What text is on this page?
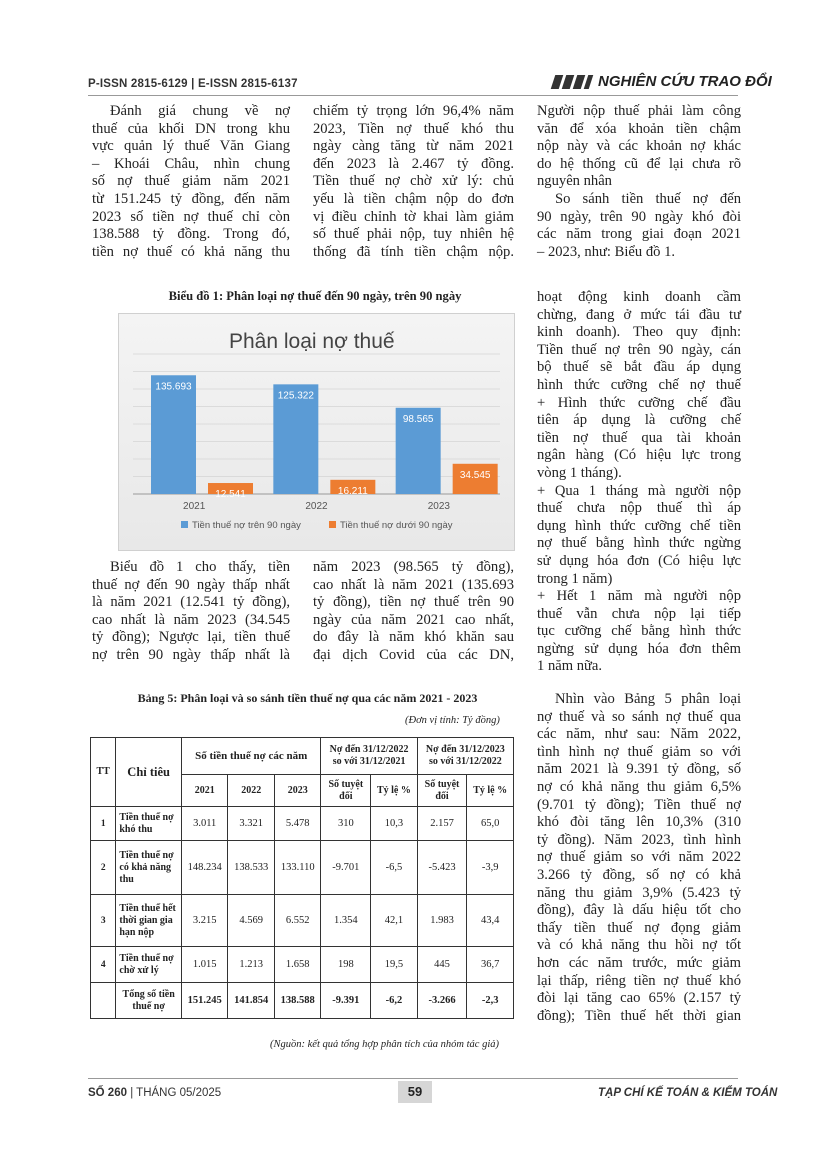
P-ISSN 2815-6129 | E-ISSN 2815-6137	NGHIÊN CỨU TRAO ĐỔI
Đánh giá chung về nợ
thuế của khối DN trong khu
vực quản lý thuế Văn Giang
– Khoái Châu, nhìn chung
số nợ thuế giảm năm 2021
từ 151.245 tỷ đồng, đến năm
2023 số tiền nợ thuế chỉ còn
138.588 tỷ đồng. Trong đó,
tiền nợ thuế có khả năng thu
chiếm tỷ trọng lớn 96,4% năm
2023, Tiền nợ thuế khó thu
ngày càng tăng từ năm 2021
đến 2023 là 2.467 tỷ đồng.
Tiền thuế nợ chờ xử lý: chủ
yếu là tiền chậm nộp do đơn
vị điều chỉnh tờ khai làm giảm
số thuế phải nộp, tuy nhiên hệ
thống đã tính tiền chậm nộp.
Người nộp thuế phải làm công
văn để xóa khoản tiền chậm
nộp này và các khoản nợ khác
do hệ thống cũ để lại chưa rõ
nguyên nhân
So sánh tiền thuế nợ đến
90 ngày, trên 90 ngày khó đòi
các năm trong giai đoạn 2021
– 2023, như: Biểu đồ 1.
Biểu đồ 1: Phân loại nợ thuế đến 90 ngày, trên 90 ngày
Phân loại nợ thuế
135.693
12.541
2021
125.322
16.211
2022
98.565
34.545
2023
Tiền thuế nợ trên 90 ngày	Tiền thuế nợ dưới 90 ngày
hoạt động kinh doanh cầm
chừng, đang ở mức tái đầu tư
kinh doanh). Theo quy định:
Tiền thuế nợ trên 90 ngày, cán
bộ thuế sẽ bắt đầu áp dụng
hình thức cưỡng chế nợ thuế
+ Hình thức cưỡng chế đầu
tiên áp dụng là cưỡng chế
tiền nợ thuế qua tài khoản
ngân hàng (Có hiệu lực trong
vòng 1 tháng).
+ Qua 1 tháng mà người nộp
thuế chưa nộp thuế thì áp
dụng hình thức cưỡng chế tiền
nợ thuế bằng hình thức ngừng
sử dụng hóa đơn (Có hiệu lực
trong 1 năm)
+ Hết 1 năm mà người nộp
thuế vẫn chưa nộp lại tiếp
tục cưỡng chế bằng hình thức
ngừng sử dụng hóa đơn thêm
1 năm nữa.
Biểu đồ 1 cho thấy, tiền
thuế nợ đến 90 ngày thấp nhất
là năm 2021 (12.541 tỷ đồng),
cao nhất là năm 2023 (34.545
tỷ đồng); Ngược lại, tiền thuế
nợ trên 90 ngày thấp nhất là
năm 2023 (98.565 tỷ đồng),
cao nhất là năm 2021 (135.693
tỷ đồng), tiền nợ thuế trên 90
ngày của năm 2021 cao nhất,
do đây là năm khó khăn sau
đại dịch Covid của các DN,
Bảng 5: Phân loại và so sánh tiền thuế nợ qua các năm 2021 - 2023
(Đơn vị tính: Tỷ đồng)
TT	Chỉ tiêu	Số tiền thuế nợ các năm			Nợ đến 31/12/2022 so với 31/12/2021		Nợ đến 31/12/2023 so với 31/12/2022	
		2021	2022	2023	Số tuyệt đối	Tỷ lệ %	Số tuyệt đối	Tỷ lệ %
1	Tiền thuế nợ khó thu	3.011	3.321	5.478	310	10,3	2.157	65,0
2	Tiền thuế nợ có khả năng thu	148.234	138.533	133.110	-9.701	-6,5	-5.423	-3,9
3	Tiền thuế hết thời gian gia hạn nộp	3.215	4.569	6.552	1.354	42,1	1.983	43,4
4	Tiền thuế nợ chờ xử lý	1.015	1.213	1.658	198	19,5	445	36,7
	Tổng số tiền thuế nợ	151.245	141.854	138.588	-9.391	-6,2	-3.266	-2,3
(Nguồn: kết quả tổng hợp phân tích của nhóm tác giả)
Nhìn vào Bảng 5 phân loại
nợ thuế và so sánh nợ thuế qua
các năm, như sau: Năm 2022,
tình hình nợ thuế giảm so với
năm 2021 là 9.391 tỷ đồng, số
nợ có khả năng thu giảm 6,5%
(9.701 tỷ đồng); Tiền thuế nợ
khó đòi tăng lên 10,3% (310
tỷ đồng). Năm 2023, tình hình
nợ thuế giảm so với năm 2022
3.266 tỷ đồng, số nợ có khả
năng thu giảm 3,9% (5.423 tỷ
đồng), đây là dấu hiệu tốt cho
thấy tiền thuế nợ đọng giảm
và có khả năng thu hồi nợ tốt
hơn các năm trước, mức giảm
lại thấp, riêng tiền nợ thuế khó
đòi lại tăng cao 65% (2.157 tỷ
đồng); Tiền thuế hết thời gian
SỐ 260 | THÁNG 05/2025	59	TẠP CHÍ KẾ TOÁN & KIỂM TOÁN
